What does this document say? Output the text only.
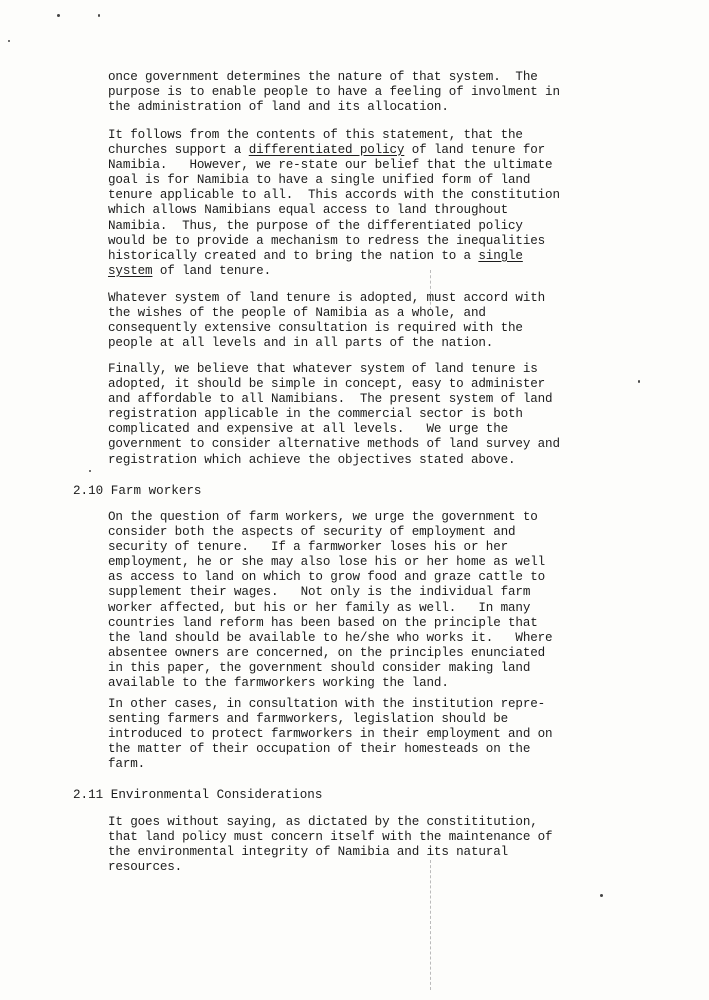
once government determines the nature of that system.  The
purpose is to enable people to have a feeling of involment in
the administration of land and its allocation.
It follows from the contents of this statement, that the
churches support a differentiated policy of land tenure for
Namibia.   However, we re-state our belief that the ultimate
goal is for Namibia to have a single unified form of land
tenure applicable to all.  This accords with the constitution
which allows Namibians equal access to land throughout
Namibia.  Thus, the purpose of the differentiated policy
would be to provide a mechanism to redress the inequalities
historically created and to bring the nation to a single
system of land tenure.
Whatever system of land tenure is adopted, must accord with
the wishes of the people of Namibia as a whole, and
consequently extensive consultation is required with the
people at all levels and in all parts of the nation.
Finally, we believe that whatever system of land tenure is
adopted, it should be simple in concept, easy to administer
and affordable to all Namibians.  The present system of land
registration applicable in the commercial sector is both
complicated and expensive at all levels.   We urge the
government to consider alternative methods of land survey and
registration which achieve the objectives stated above.
2.10 Farm workers
On the question of farm workers, we urge the government to
consider both the aspects of security of employment and
security of tenure.   If a farmworker loses his or her
employment, he or she may also lose his or her home as well
as access to land on which to grow food and graze cattle to
supplement their wages.   Not only is the individual farm
worker affected, but his or her family as well.   In many
countries land reform has been based on the principle that
the land should be available to he/she who works it.   Where
absentee owners are concerned, on the principles enunciated
in this paper, the government should consider making land
available to the farmworkers working the land.
In other cases, in consultation with the institution repre-
senting farmers and farmworkers, legislation should be
introduced to protect farmworkers in their employment and on
the matter of their occupation of their homesteads on the
farm.
2.11 Environmental Considerations
It goes without saying, as dictated by the constititution,
that land policy must concern itself with the maintenance of
the environmental integrity of Namibia and its natural
resources.
